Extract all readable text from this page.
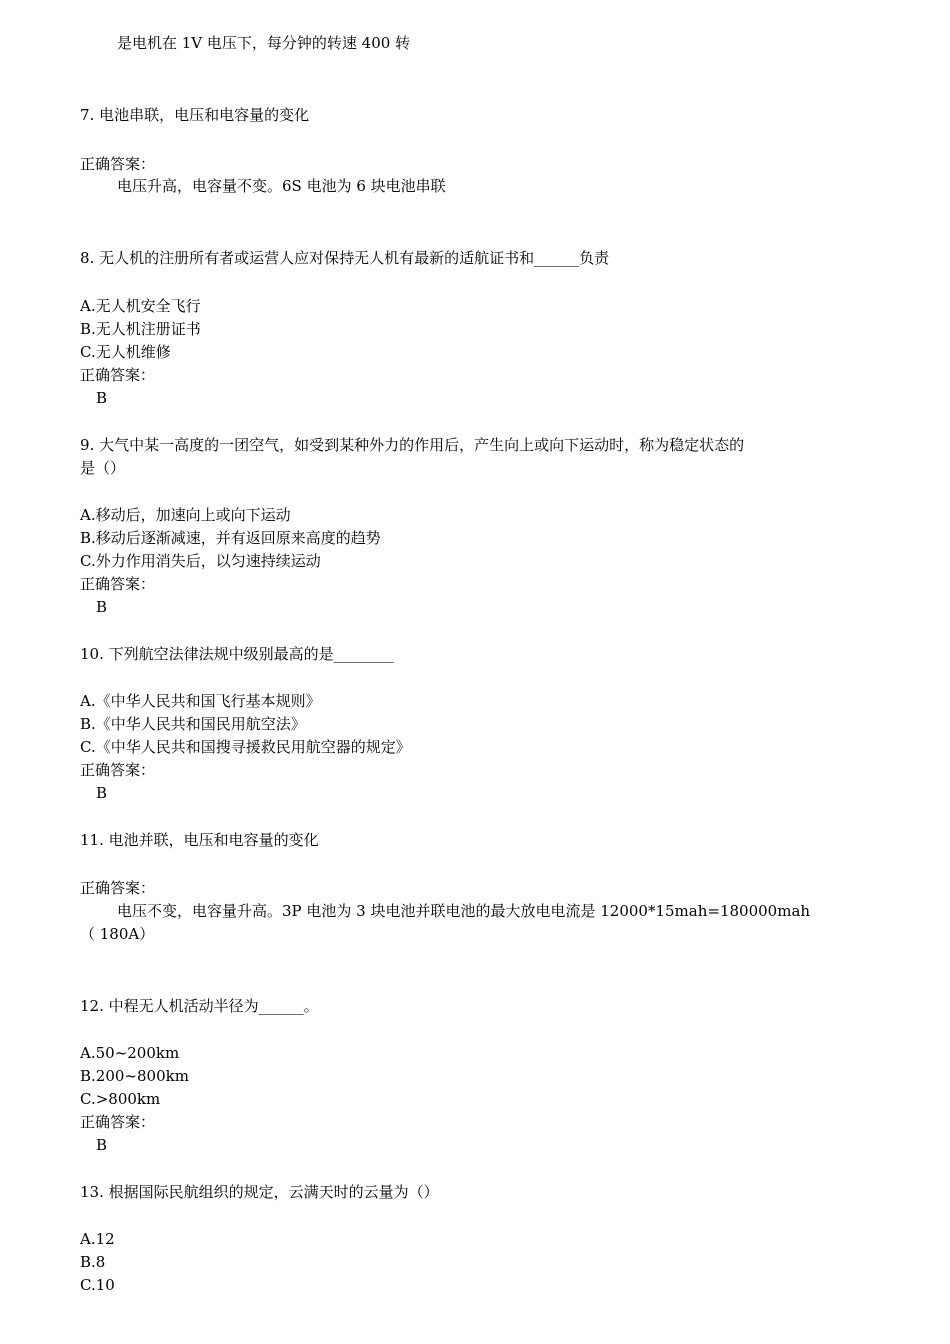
是电机在 1V 电压下，每分钟的转速 400 转
7. 电池串联，电压和电容量的变化
正确答案：
电压升高，电容量不变。6S 电池为 6 块电池串联
8. 无人机的注册所有者或运营人应对保持无人机有最新的适航证书和______负责
A.无人机安全飞行
B.无人机注册证书
C.无人机维修
正确答案：
B
9. 大气中某一高度的一团空气，如受到某种外力的作用后，产生向上或向下运动时，称为稳定状态的
是（）
A.移动后，加速向上或向下运动
B.移动后逐渐减速，并有返回原来高度的趋势
C.外力作用消失后，以匀速持续运动
正确答案：
B
10. 下列航空法律法规中级别最高的是________
A.《中华人民共和国飞行基本规则》
B.《中华人民共和国民用航空法》
C.《中华人民共和国搜寻援救民用航空器的规定》
正确答案：
B
11. 电池并联，电压和电容量的变化
正确答案：
电压不变，电容量升高。3P 电池为 3 块电池并联电池的最大放电电流是 12000*15mah=180000mah
（ 180A）
12. 中程无人机活动半径为______。
A.50~200km
B.200~800km
C.>800km
正确答案：
B
13. 根据国际民航组织的规定，云满天时的云量为（）
A.12
B.8
C.10
